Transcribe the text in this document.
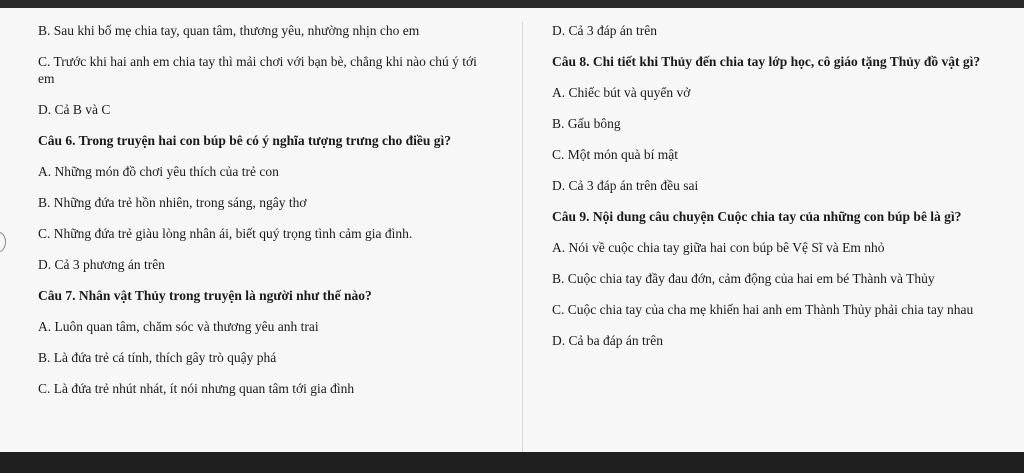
B. Sau khi bố mẹ chia tay, quan tâm, thương yêu, nhường nhịn cho em

C. Trước khi hai anh em chia tay thì mải chơi với bạn bè, chẳng khi nào chú ý tới em

D. Cả B và C

Câu 6. Trong truyện hai con búp bê có ý nghĩa tượng trưng cho điều gì?

A. Những món đồ chơi yêu thích của trẻ con

B. Những đứa trẻ hồn nhiên, trong sáng, ngây thơ

C. Những đứa trẻ giàu lòng nhân ái, biết quý trọng tình cảm gia đình.

D. Cả 3 phương án trên

Câu 7. Nhân vật Thủy trong truyện là người như thế nào?

A. Luôn quan tâm, chăm sóc và thương yêu anh trai

B. Là đứa trẻ cá tính, thích gây trò quậy phá

C. Là đứa trẻ nhút nhát, ít nói nhưng quan tâm tới gia đình

D. Cả 3 đáp án trên

Câu 8. Chi tiết khi Thủy đến chia tay lớp học, cô giáo tặng Thủy đồ vật gì?

A. Chiếc bút và quyển vở

B. Gấu bông

C. Một món quà bí mật

D. Cả 3 đáp án trên đều sai

Câu 9. Nội dung câu chuyện Cuộc chia tay của những con búp bê là gì?

A. Nói về cuộc chia tay giữa hai con búp bê Vệ Sĩ và Em nhỏ

B. Cuộc chia tay đầy đau đớn, cảm động của hai em bé Thành và Thủy

C. Cuộc chia tay của cha mẹ khiến hai anh em Thành Thủy phải chia tay nhau

D. Cả ba đáp án trên
